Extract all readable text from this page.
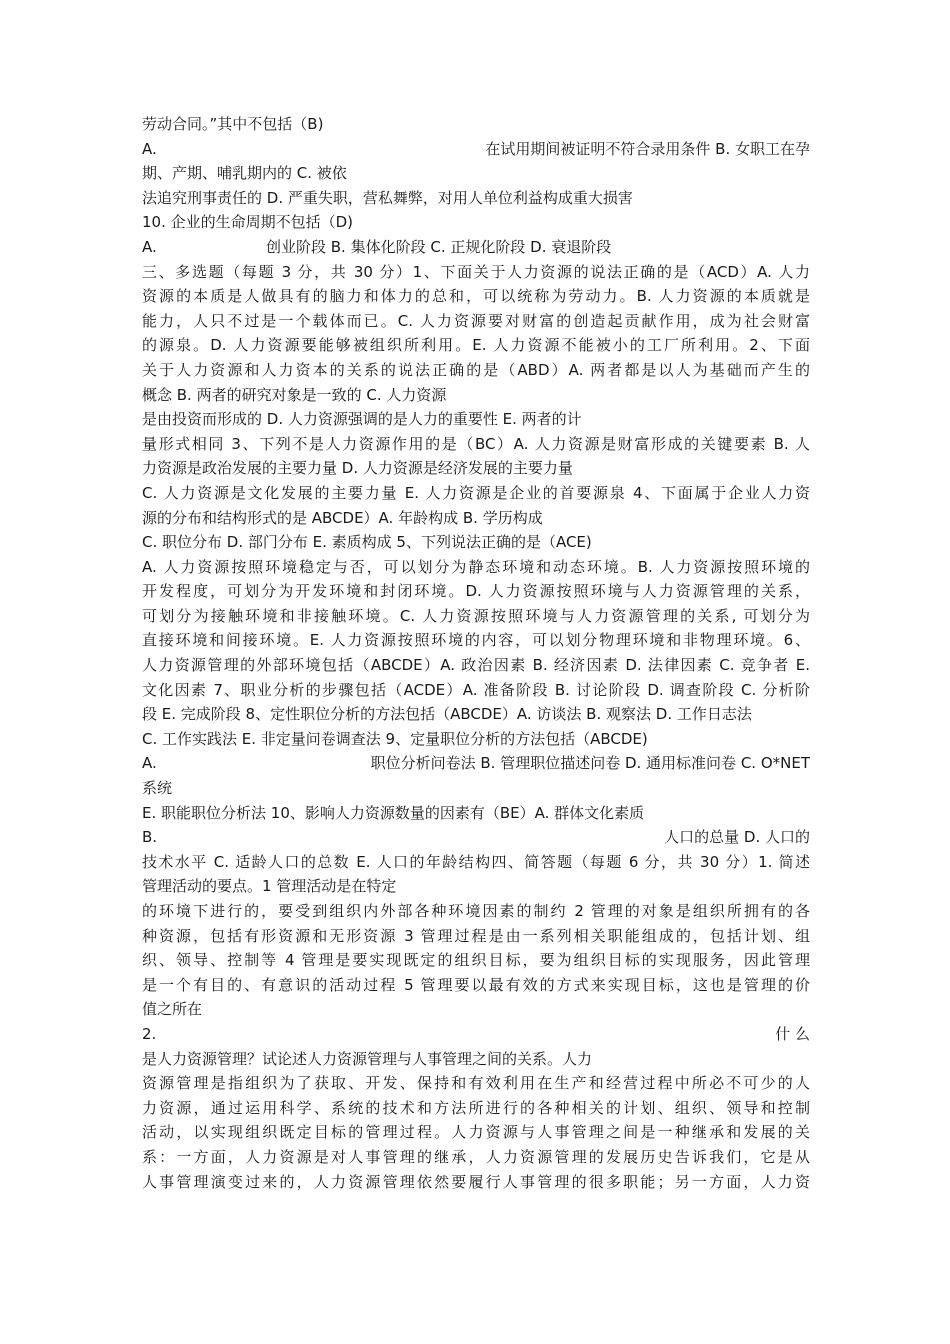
劳动合同。”其中不包括（B)
A.	在试用期间被证明不符合录用条件 B. 女职工在孕
期、产期、哺乳期内的 C. 被依
法追究刑事责任的 D. 严重失职，营私舞弊，对用人单位利益构成重大损害
10. 企业的生命周期不包括（D)
A.	创业阶段 B. 集体化阶段 C. 正规化阶段 D. 衰退阶段
三、多选题（每题 3 分，共 30 分）1、下面关于人力资源的说法正确的是（ACD）A. 人力
资源的本质是人做具有的脑力和体力的总和，可以统称为劳动力。B. 人力资源的本质就是
能力，人只不过是一个载体而已。C. 人力资源要对财富的创造起贡献作用，成为社会财富
的源泉。D. 人力资源要能够被组织所利用。E. 人力资源不能被小的工厂所利用。2、下面
关于人力资源和人力资本的关系的说法正确的是（ABD）A. 两者都是以人为基础而产生的
概念 B. 两者的研究对象是一致的 C. 人力资源
是由投资而形成的 D. 人力资源强调的是人力的重要性 E. 两者的计
量形式相同 3、下列不是人力资源作用的是（BC）A. 人力资源是财富形成的关键要素 B. 人
力资源是政治发展的主要力量 D. 人力资源是经济发展的主要力量
C. 人力资源是文化发展的主要力量 E. 人力资源是企业的首要源泉 4、下面属于企业人力资
源的分布和结构形式的是 ABCDE）A. 年龄构成 B. 学历构成
C. 职位分布 D. 部门分布 E. 素质构成 5、下列说法正确的是（ACE)
A. 人力资源按照环境稳定与否，可以划分为静态环境和动态环境。B. 人力资源按照环境的
开发程度，可划分为开发环境和封闭环境。D. 人力资源按照环境与人力资源管理的关系，
可划分为接触环境和非接触环境。C. 人力资源按照环境与人力资源管理的关系, 可划分为
直接环境和间接环境。E. 人力资源按照环境的内容，可以划分物理环境和非物理环境。6、
人力资源管理的外部环境包括（ABCDE）A. 政治因素 B. 经济因素 D. 法律因素 C. 竞争者 E.
文化因素 7、职业分析的步骤包括（ACDE）A. 准备阶段 B. 讨论阶段 D. 调查阶段 C. 分析阶
段 E. 完成阶段 8、定性职位分析的方法包括（ABCDE）A. 访谈法 B. 观察法 D. 工作日志法
C. 工作实践法 E. 非定量问卷调查法 9、定量职位分析的方法包括（ABCDE)
A.	职位分析问卷法 B. 管理职位描述问卷 D. 通用标准问卷 C. O*NET
系统
E. 职能职位分析法 10、影响人力资源数量的因素有（BE）A. 群体文化素质
B.	人口的总量 D. 人口的
技术水平 C. 适龄人口的总数 E. 人口的年龄结构四、简答题（每题 6 分，共 30 分）1. 简述
管理活动的要点。1 管理活动是在特定
的环境下进行的，要受到组织内外部各种环境因素的制约 2 管理的对象是组织所拥有的各
种资源，包括有形资源和无形资源 3 管理过程是由一系列相关职能组成的，包括计划、组
织、领导、控制等 4 管理是要实现既定的组织目标，要为组织目标的实现服务，因此管理
是一个有目的、有意识的活动过程 5 管理要以最有效的方式来实现目标，这也是管理的价
值之所在
2.	什 么
是人力资源管理？试论述人力资源管理与人事管理之间的关系。人力
资源管理是指组织为了获取、开发、保持和有效利用在生产和经营过程中所必不可少的人
力资源，通过运用科学、系统的技术和方法所进行的各种相关的计划、组织、领导和控制
活动，以实现组织既定目标的管理过程。人力资源与人事管理之间是一种继承和发展的关
系：一方面，人力资源是对人事管理的继承，人力资源管理的发展历史告诉我们，它是从
人事管理演变过来的，人力资源管理依然要履行人事管理的很多职能；另一方面，人力资
